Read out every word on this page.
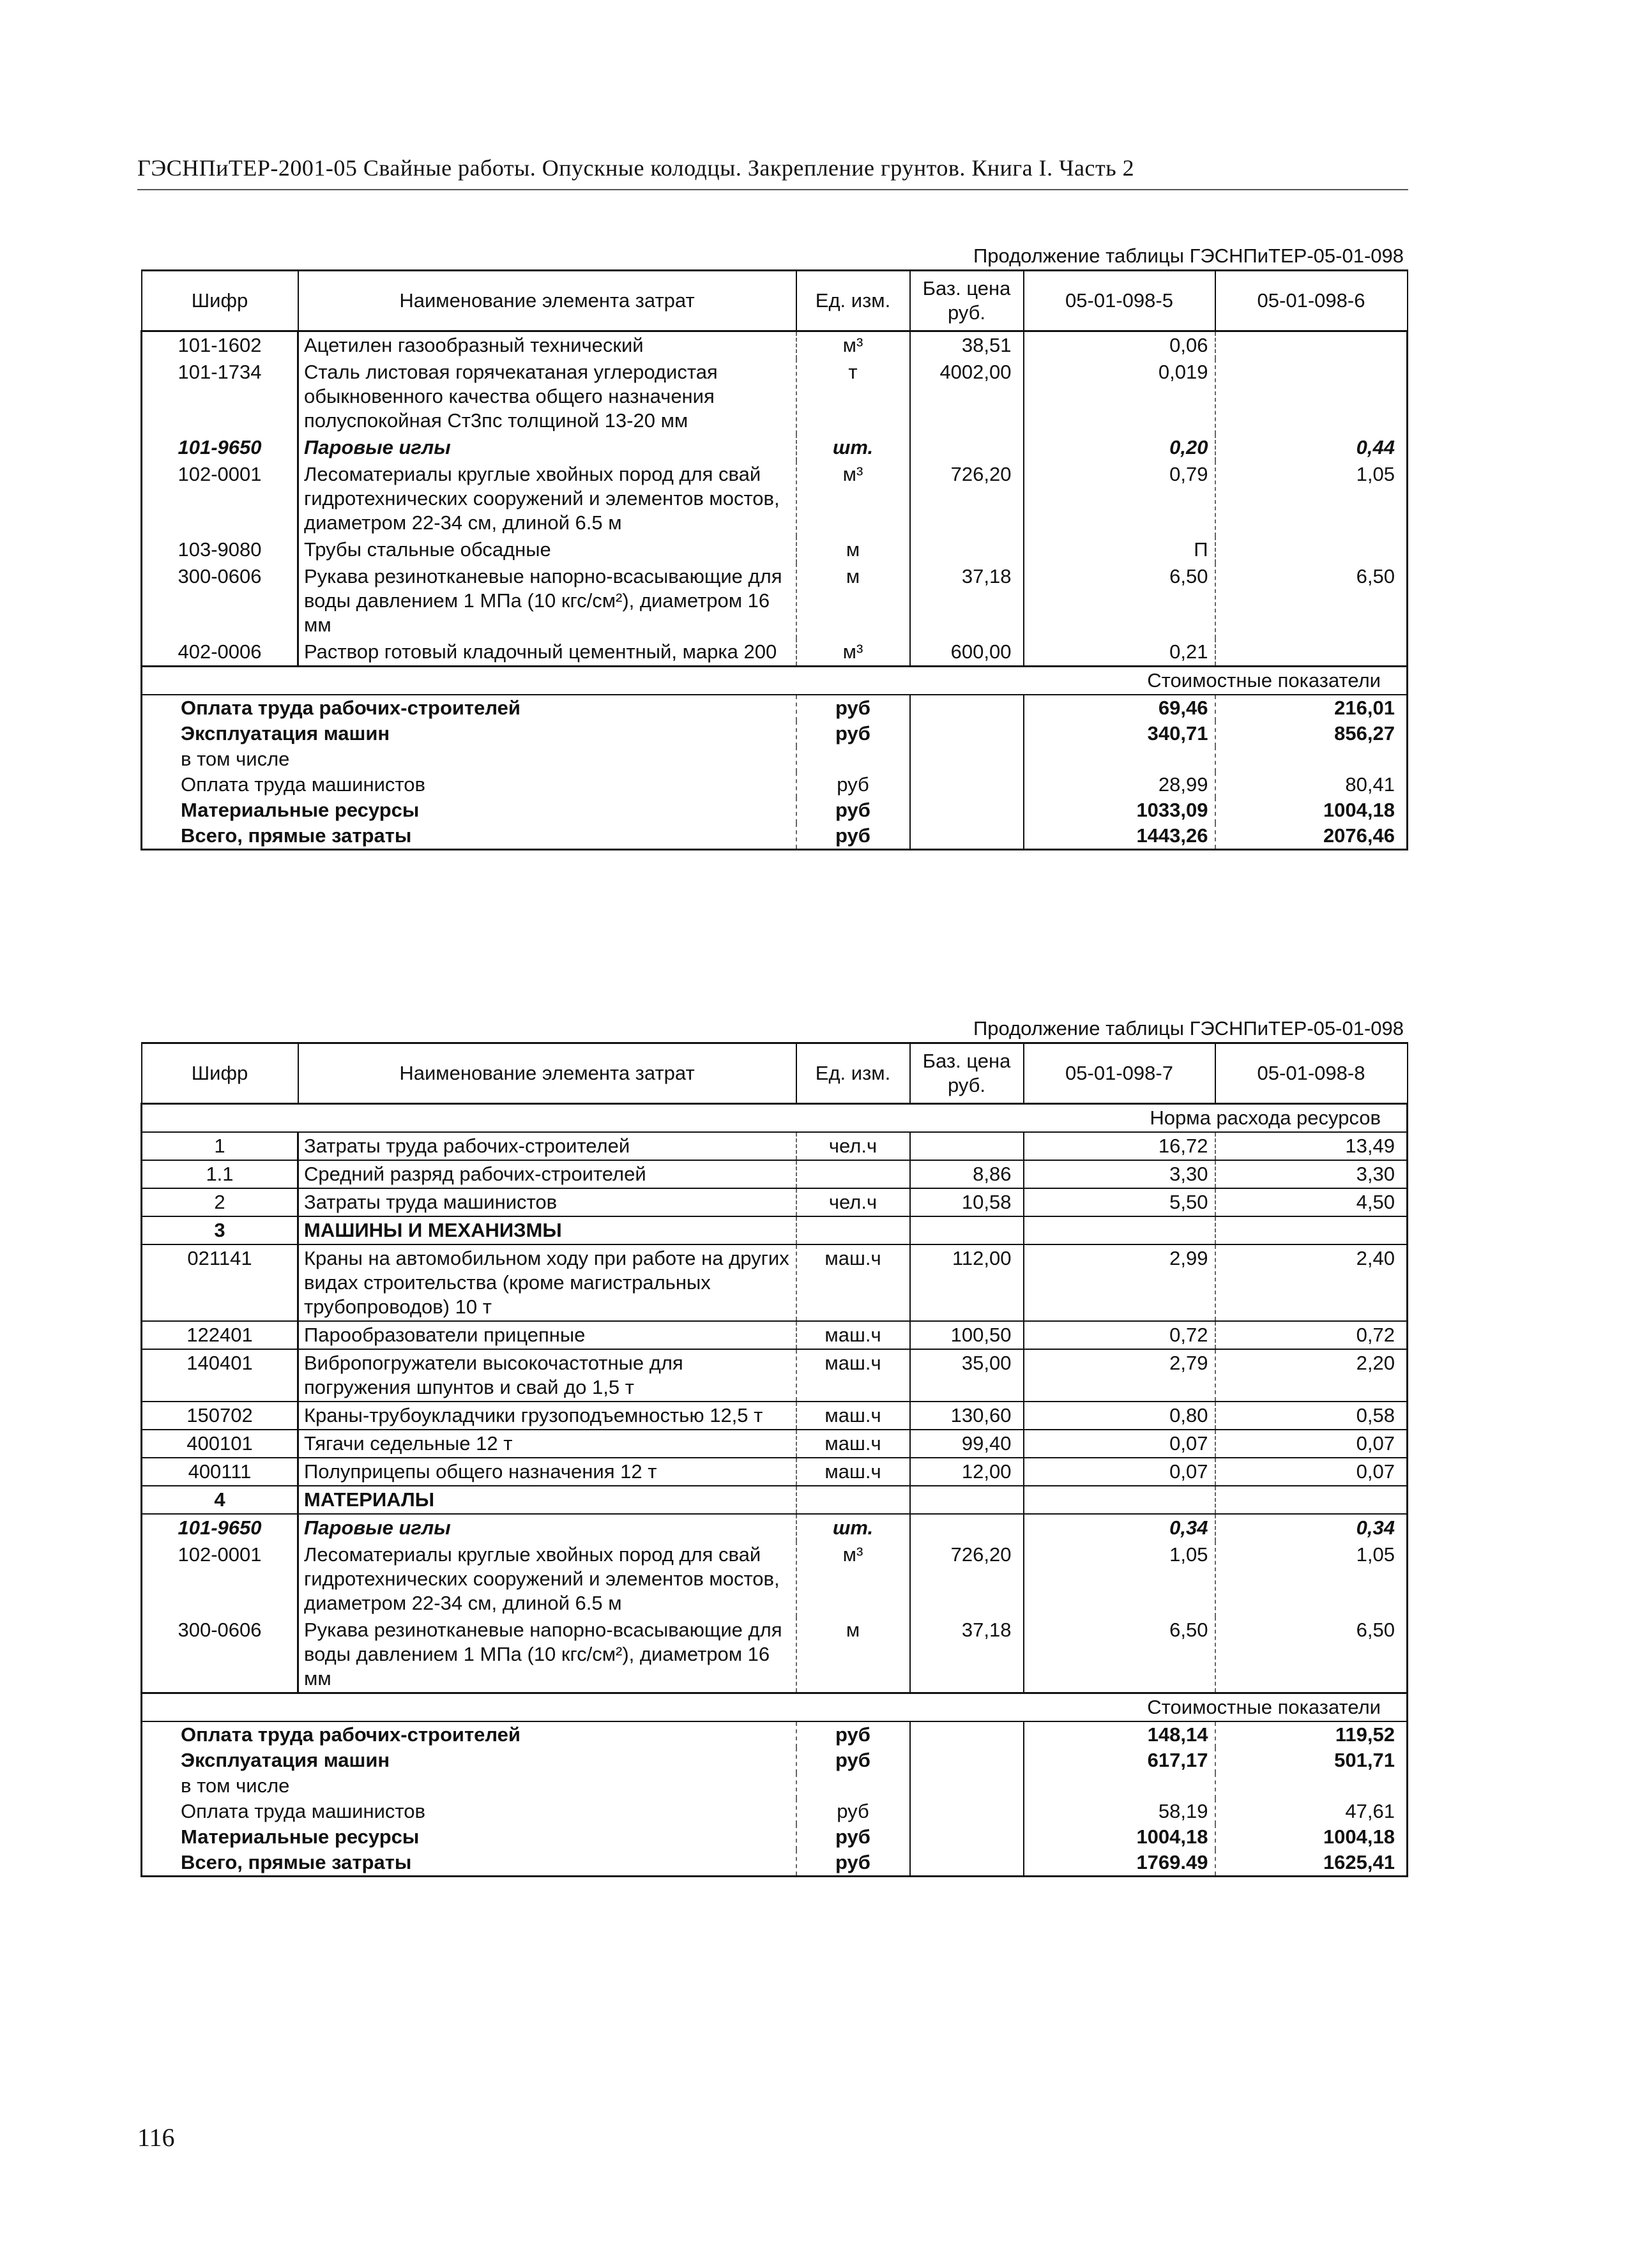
ГЭСНПиТЕР-2001-05 Свайные работы. Опускные колодцы. Закрепление грунтов. Книга I. Часть 2
Продолжение таблицы ГЭСНПиТЕР-05-01-098
Шифр	Наименование элемента затрат	Ед. изм.	Баз. цена руб.	05-01-098-5	05-01-098-6
101-1602	Ацетилен газообразный технический	м³	38,51	0,06	
101-1734	Сталь листовая горячекатаная углеродистая обыкновенного качества общего назначения полуспокойная Ст3пс толщиной 13-20 мм	т	4002,00	0,019	
101-9650	Паровые иглы	шт.		0,20	0,44
102-0001	Лесоматериалы круглые хвойных пород для свай гидротехнических сооружений и элементов мостов, диаметром 22-34 см, длиной 6.5 м	м³	726,20	0,79	1,05
103-9080	Трубы стальные обсадные	м		П	
300-0606	Рукава резинотканевые напорно-всасывающие для воды давлением 1 МПа (10 кгс/см²), диаметром 16 мм	м	37,18	6,50	6,50
402-0006	Раствор готовый кладочный цементный, марка 200	м³	600,00	0,21	
Стоимостные показатели					
Оплата труда рабочих-строителей		руб		69,46	216,01
Эксплуатация машин		руб		340,71	856,27
в том числе					
Оплата труда машинистов		руб		28,99	80,41
Материальные ресурсы		руб		1033,09	1004,18
Всего, прямые затраты		руб		1443,26	2076,46
Продолжение таблицы ГЭСНПиТЕР-05-01-098
Шифр	Наименование элемента затрат	Ед. изм.	Баз. цена руб.	05-01-098-7	05-01-098-8
Норма расхода ресурсов					
1	Затраты труда рабочих-строителей	чел.ч		16,72	13,49
1.1	Средний разряд рабочих-строителей		8,86	3,30	3,30
2	Затраты труда машинистов	чел.ч	10,58	5,50	4,50
3	МАШИНЫ И МЕХАНИЗМЫ				
021141	Краны на автомобильном ходу при работе на других видах строительства (кроме магистральных трубопроводов) 10 т	маш.ч	112,00	2,99	2,40
122401	Парообразователи прицепные	маш.ч	100,50	0,72	0,72
140401	Вибропогружатели высокочастотные для погружения шпунтов и свай до 1,5 т	маш.ч	35,00	2,79	2,20
150702	Краны-трубоукладчики грузоподъемностью 12,5 т	маш.ч	130,60	0,80	0,58
400101	Тягачи седельные 12 т	маш.ч	99,40	0,07	0,07
400111	Полуприцепы общего назначения 12 т	маш.ч	12,00	0,07	0,07
4	МАТЕРИАЛЫ				
101-9650	Паровые иглы	шт.		0,34	0,34
102-0001	Лесоматериалы круглые хвойных пород для свай гидротехнических сооружений и элементов мостов, диаметром 22-34 см, длиной 6.5 м	м³	726,20	1,05	1,05
300-0606	Рукава резинотканевые напорно-всасывающие для воды давлением 1 МПа (10 кгс/см²), диаметром 16 мм	м	37,18	6,50	6,50
Стоимостные показатели					
Оплата труда рабочих-строителей		руб		148,14	119,52
Эксплуатация машин		руб		617,17	501,71
в том числе					
Оплата труда машинистов		руб		58,19	47,61
Материальные ресурсы		руб		1004,18	1004,18
Всего, прямые затраты		руб		1769.49	1625,41
116
